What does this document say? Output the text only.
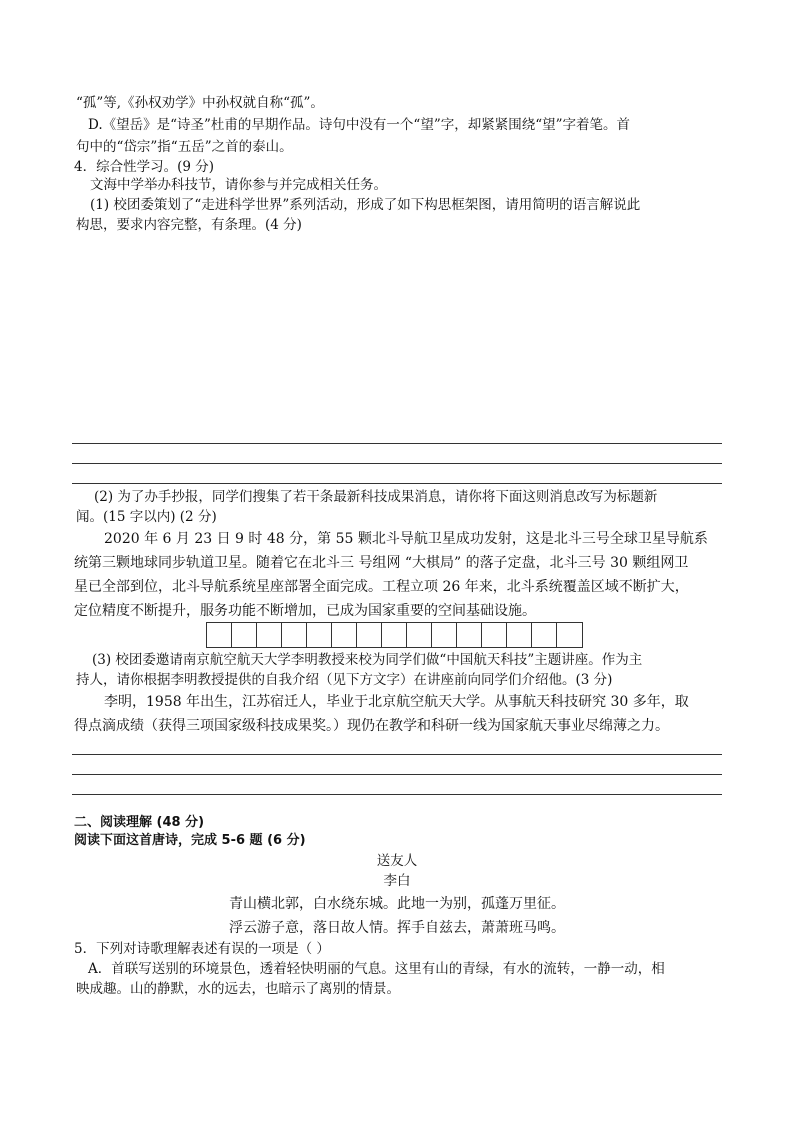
“孤”等,《孙权劝学》中孙权就自称“孤”。
D.《望岳》是“诗圣”杜甫的早期作品。诗句中没有一个“望”字，却紧紧围绕“望”字着笔。首
句中的“岱宗”指“五岳”之首的泰山。
4．综合性学习。(9 分)
文海中学举办科技节，请你参与并完成相关任务。
(1) 校团委策划了“走进科学世界”系列活动，形成了如下构思框架图，请用简明的语言解说此
构思，要求内容完整，有条理。(4 分)
(2) 为了办手抄报，同学们搜集了若干条最新科技成果消息，请你将下面这则消息改写为标题新
闻。(15 字以内) (2 分)
2020 年 6 月 23 日 9 时 48 分，第 55 颗北斗导航卫星成功发射，这是北斗三号全球卫星导航系
统第三颗地球同步轨道卫星。随着它在北斗三 号组网 “大棋局” 的落子定盘，北斗三号 30 颗组网卫
星已全部到位，北斗导航系统星座部署全面完成。工程立项 26 年来，北斗系统覆盖区域不断扩大，
定位精度不断提升，服务功能不断增加，已成为国家重要的空间基础设施。
(3) 校团委邀请南京航空航天大学李明教授来校为同学们做“中国航天科技”主题讲座。作为主
持人，请你根据李明教授提供的自我介绍（见下方文字）在讲座前向同学们介绍他。(3 分)
李明，1958 年出生，江苏宿迁人，毕业于北京航空航天大学。从事航天科技研究 30 多年，取
得点滴成绩（获得三项国家级科技成果奖。）现仍在教学和科研一线为国家航天事业尽绵薄之力。
二、阅读理解 (48 分)
阅读下面这首唐诗，完成 5-6 题 (6 分)
送友人
李白
青山横北郭，白水绕东城。此地一为别，孤蓬万里征。
浮云游子意，落日故人情。挥手自兹去，萧萧班马鸣。
5．下列对诗歌理解表述有误的一项是（ ）
A．首联写送别的环境景色，透着轻快明丽的气息。这里有山的青绿，有水的流转，一静一动，相
映成趣。山的静默，水的远去，也暗示了离别的情景。
